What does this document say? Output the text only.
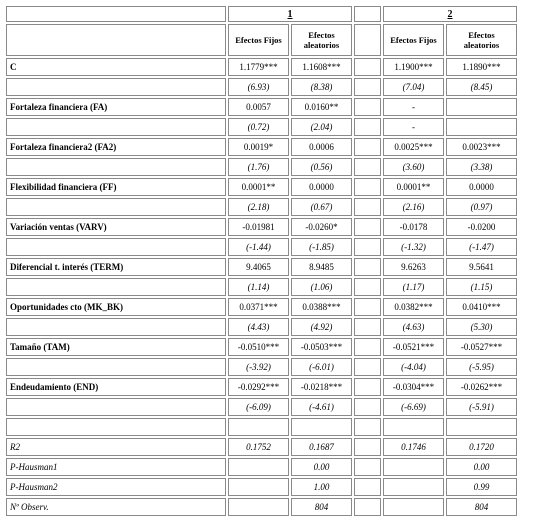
	1			2	
	Efectos Fijos	Efectos aleatorios		Efectos Fijos	Efectos aleatorios
C	1.1779***	1.1608***		1.1900***	1.1890***
	(6.93)	(8.38)		(7.04)	(8.45)
Fortaleza financiera (FA)	0.0057	0.0160**		-	
	(0.72)	(2.04)		-	
Fortaleza financiera2 (FA2)	0.0019*	0.0006		0.0025***	0.0023***
	(1.76)	(0.56)		(3.60)	(3.38)
Flexibilidad financiera (FF)	0.0001**	0.0000		0.0001**	0.0000
	(2.18)	(0.67)		(2.16)	(0.97)
Variación ventas (VARV)	-0.01981	-0.0260*		-0.0178	-0.0200
	(-1.44)	(-1.85)		(-1.32)	(-1.47)
Diferencial t. interés (TERM)	9.4065	8.9485		9.6263	9.5641
	(1.14)	(1.06)		(1.17)	(1.15)
Oportunidades cto (MK_BK)	0.0371***	0.0388***		0.0382***	0.0410***
	(4.43)	(4.92)		(4.63)	(5.30)
Tamaño (TAM)	-0.0510***	-0.0503***		-0.0521***	-0.0527***
	(-3.92)	(-6.01)		(-4.04)	(-5.95)
Endeudamiento (END)	-0.0292***	-0.0218***		-0.0304***	-0.0262***
	(-6.09)	(-4.61)		(-6.69)	(-5.91)

R2	0.1752	0.1687		0.1746	0.1720
P-Hausman1		0.00			0.00
P-Hausman2		1.00			0.99
Nº Observ.		804			804
